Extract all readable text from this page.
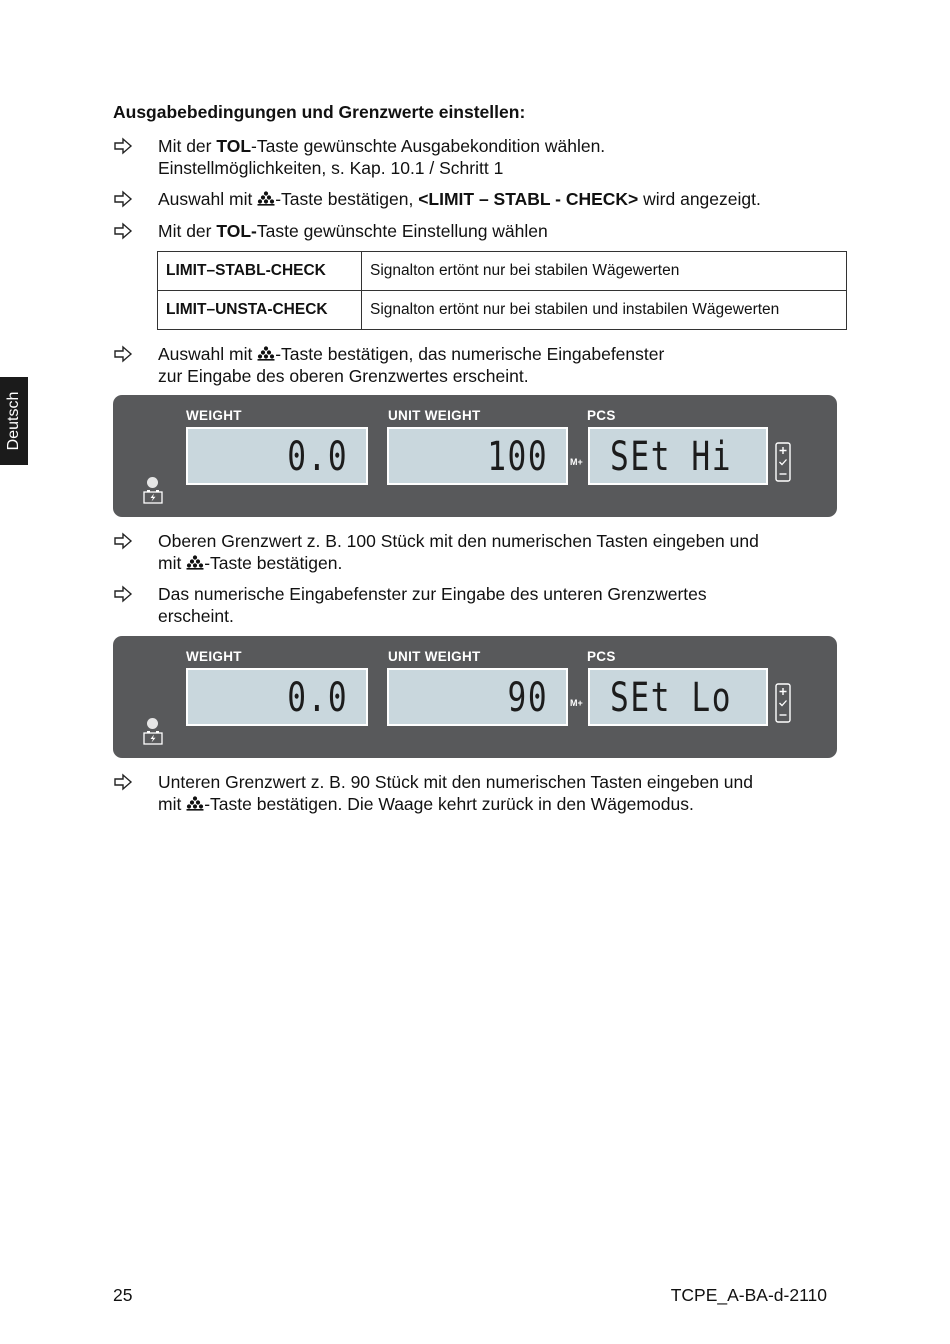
Deutsch
Ausgabebedingungen und Grenzwerte einstellen:
Mit der TOL-Taste gewünschte Ausgabekondition wählen.
Einstellmöglichkeiten, s. Kap. 10.1 / Schritt 1
Auswahl mit -Taste bestätigen, <LIMIT – STABL - CHECK> wird angezeigt.
Mit der TOL-Taste gewünschte Einstellung wählen
LIMIT–STABL-CHECK	Signalton ertönt nur bei stabilen Wägewerten
LIMIT–UNSTA-CHECK	Signalton ertönt nur bei stabilen und instabilen Wägewerten
Auswahl mit -Taste bestätigen, das numerische Eingabefenster
zur Eingabe des oberen Grenzwertes erscheint.
WEIGHT	UNIT WEIGHT	PCS
0.0	100 M+ SEt Hi
Oberen Grenzwert z. B. 100 Stück mit den numerischen Tasten eingeben und
mit -Taste bestätigen.
Das numerische Eingabefenster zur Eingabe des unteren Grenzwertes
erscheint.
WEIGHT	UNIT WEIGHT	PCS
0.0	90 M+ SEt Lo
Unteren Grenzwert z. B. 90 Stück mit den numerischen Tasten eingeben und
mit -Taste bestätigen. Die Waage kehrt zurück in den Wägemodus.
25	TCPE_A-BA-d-2110
